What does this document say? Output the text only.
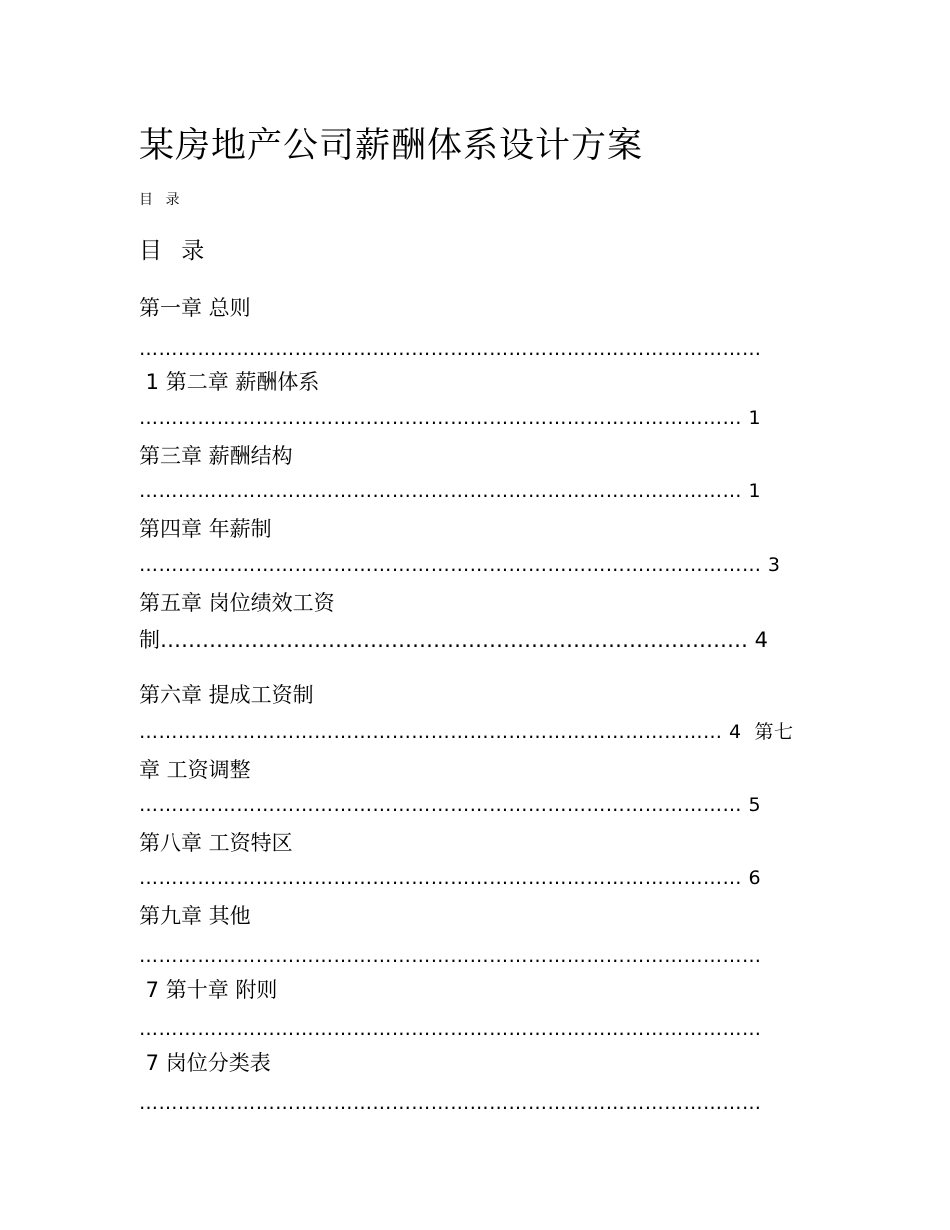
某房地产公司薪酬体系设计方案
目 录
目 录
第一章 总则
……………………………………………………………………………………
1 第二章 薪酬体系
………………………………………………………………………………… 1
第三章 薪酬结构
………………………………………………………………………………… 1
第四章 年薪制
…………………………………………………………………………………… 3
第五章 岗位绩效工资
制………………………………………………………………………… 4
第六章 提成工资制
……………………………………………………………………………… 4  第七
章 工资调整
………………………………………………………………………………… 5
第八章 工资特区
………………………………………………………………………………… 6
第九章 其他
……………………………………………………………………………………
7 第十章 附则
……………………………………………………………………………………
7 岗位分类表
……………………………………………………………………………………
